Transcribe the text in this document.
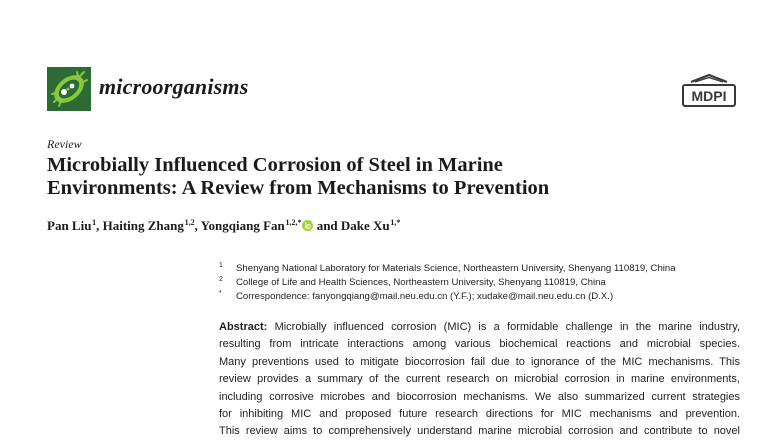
microorganisms	MDPI
Review
Microbially Influenced Corrosion of Steel in Marine
Environments: A Review from Mechanisms to Prevention
Pan Liu $^1$, Haiting Zhang $^{1,2}$, Yongqiang Fan $^{1,2,*}$ and Dake Xu $^{1,*}$
1 Shenyang National Laboratory for Materials Science, Northeastern University, Shenyang 110819, China
2 College of Life and Health Sciences, Northeastern University, Shenyang 110819, China
* Correspondence: fanyongqiang@mail.neu.edu.cn (Y.F.); xudake@mail.neu.edu.cn (D.X.)
Abstract: Microbially influenced corrosion (MIC) is a formidable challenge in the marine industry,
resulting from intricate interactions among various biochemical reactions and microbial species.
Many preventions used to mitigate biocorrosion fail due to ignorance of the MIC mechanisms. This
review provides a summary of the current research on microbial corrosion in marine environments,
including corrosive microbes and biocorrosion mechanisms. We also summarized current strategies
for inhibiting MIC and proposed future research directions for MIC mechanisms and prevention.
This review aims to comprehensively understand marine microbial corrosion and contribute to novel
